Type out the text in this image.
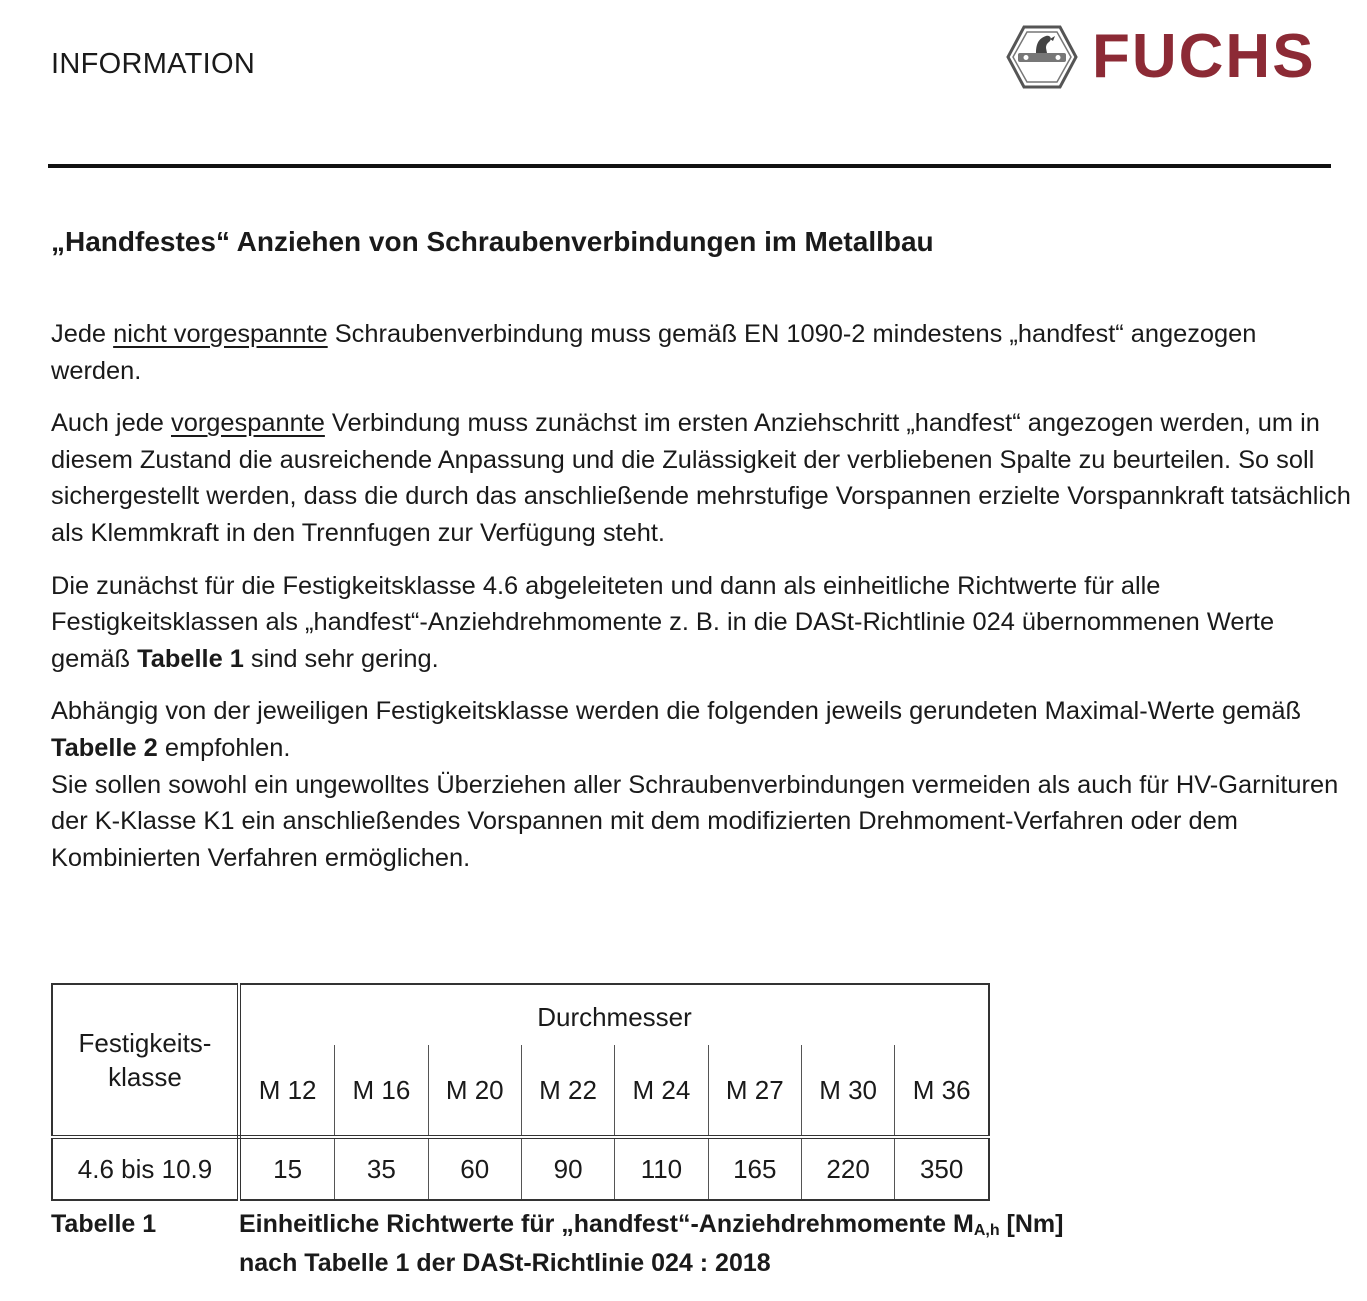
INFORMATION	FUCHS
„Handfestes“ Anziehen von Schraubenverbindungen im Metallbau

Jede nicht vorgespannte Schraubenverbindung muss gemäß EN 1090-2 mindestens „handfest“ angezogen werden.

Auch jede vorgespannte Verbindung muss zunächst im ersten Anziehschritt „handfest“ angezogen werden, um in diesem Zustand die ausreichende Anpassung und die Zulässigkeit der verbliebenen Spalte zu beurteilen. So soll sichergestellt werden, dass die durch das anschließende mehrstufige Vorspannen erzielte Vorspannkraft tatsächlich als Klemmkraft in den Trennfugen zur Verfügung steht.

Die zunächst für die Festigkeitsklasse 4.6 abgeleiteten und dann als einheitliche Richtwerte für alle Festigkeitsklassen als „handfest“-Anziehdrehmomente z. B. in die DASt-Richtlinie 024 übernommenen Werte gemäß Tabelle 1 sind sehr gering.

Abhängig von der jeweiligen Festigkeitsklasse werden die folgenden jeweils gerundeten Maximal-Werte gemäß Tabelle 2 empfohlen.

Sie sollen sowohl ein ungewolltes Überziehen aller Schraubenverbindungen vermeiden als auch für HV-Garnituren der K-Klasse K1 ein anschließendes Vorspannen mit dem modifizierten Drehmoment-Verfahren oder dem Kombinierten Verfahren ermöglichen.

Festigkeits-
klasse	Durchmesser							
	M 12	M 16	M 20	M 22	M 24	M 27	M 30	M 36
4.6 bis 10.9	15	35	60	90	110	165	220	350
Tabelle 1	Einheitliche Richtwerte für „handfest“-Anziehdrehmomente $M_{A,h}$ [Nm]
nach Tabelle 1 der DASt-Richtlinie 024 : 2018
